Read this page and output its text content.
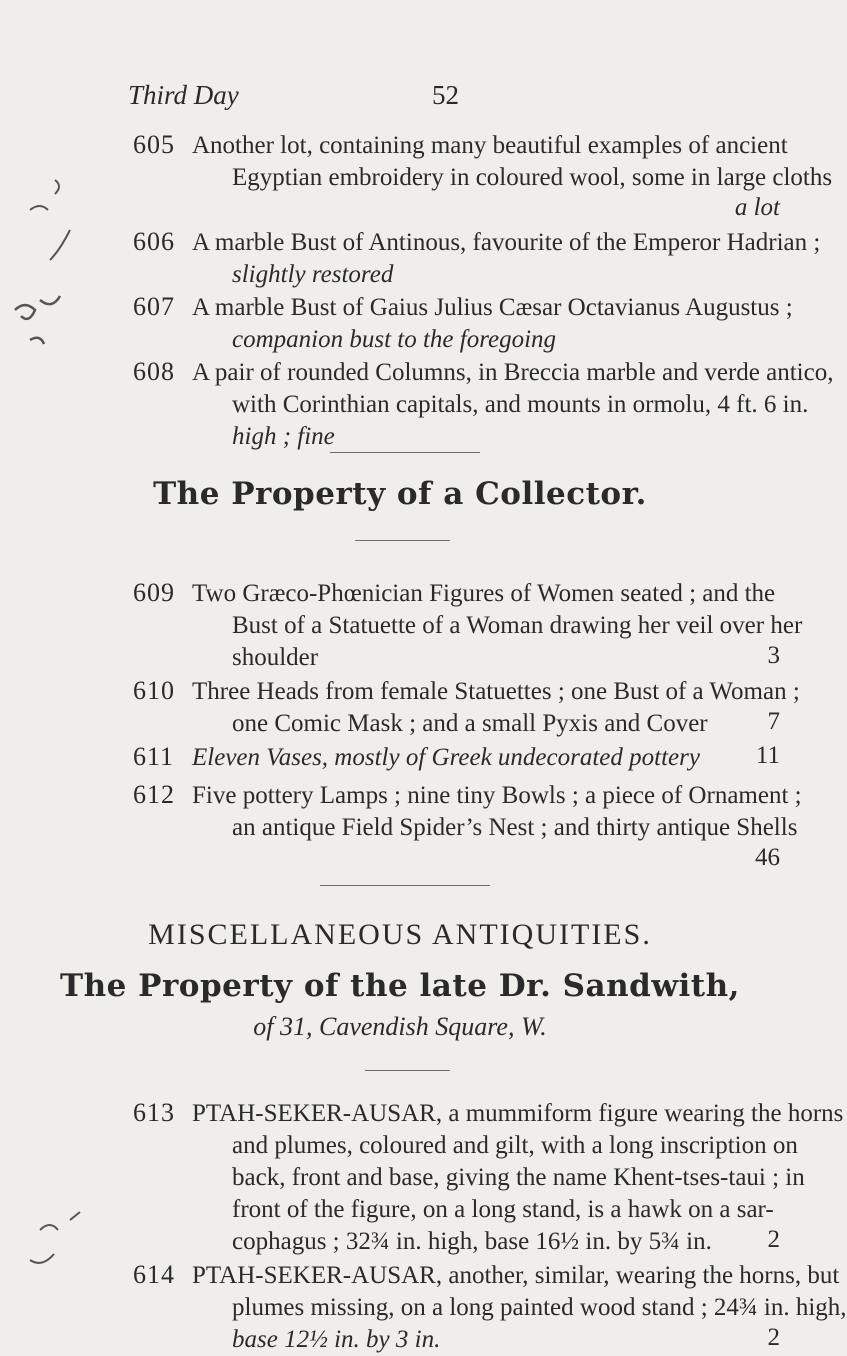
Third Day	52
605 Another lot, containing many beautiful examples of ancient
Egyptian embroidery in coloured wool, some in large cloths
a lot
606 A marble Bust of Antinous, favourite of the Emperor Hadrian ;
slightly restored
607 A marble Bust of Gaius Julius Cæsar Octavianus Augustus ;
companion bust to the foregoing
608 A pair of rounded Columns, in Breccia marble and verde antico,
with Corinthian capitals, and mounts in ormolu, 4 ft. 6 in.
high ; fine
The Property of a Collector.
609 Two Græco-Phœnician Figures of Women seated ; and the
Bust of a Statuette of a Woman drawing her veil over her
shoulder	3
610 Three Heads from female Statuettes ; one Bust of a Woman ;
one Comic Mask ; and a small Pyxis and Cover	7
611 Eleven Vases, mostly of Greek undecorated pottery	11
612 Five pottery Lamps ; nine tiny Bowls ; a piece of Ornament ;
an antique Field Spider’s Nest ; and thirty antique Shells
46
MISCELLANEOUS ANTIQUITIES.
The Property of the late Dr. Sandwith,
of 31, Cavendish Square, W.
613 PTAH-SEKER-AUSAR, a mummiform figure wearing the horns
and plumes, coloured and gilt, with a long inscription on
back, front and base, giving the name Khent-tses-taui ; in
front of the figure, on a long stand, is a hawk on a sar-
cophagus ; 32¾ in. high, base 16½ in. by 5¾ in.	2
614 PTAH-SEKER-AUSAR, another, similar, wearing the horns, but
plumes missing, on a long painted wood stand ; 24¾ in. high,
base 12½ in. by 3 in.	2
